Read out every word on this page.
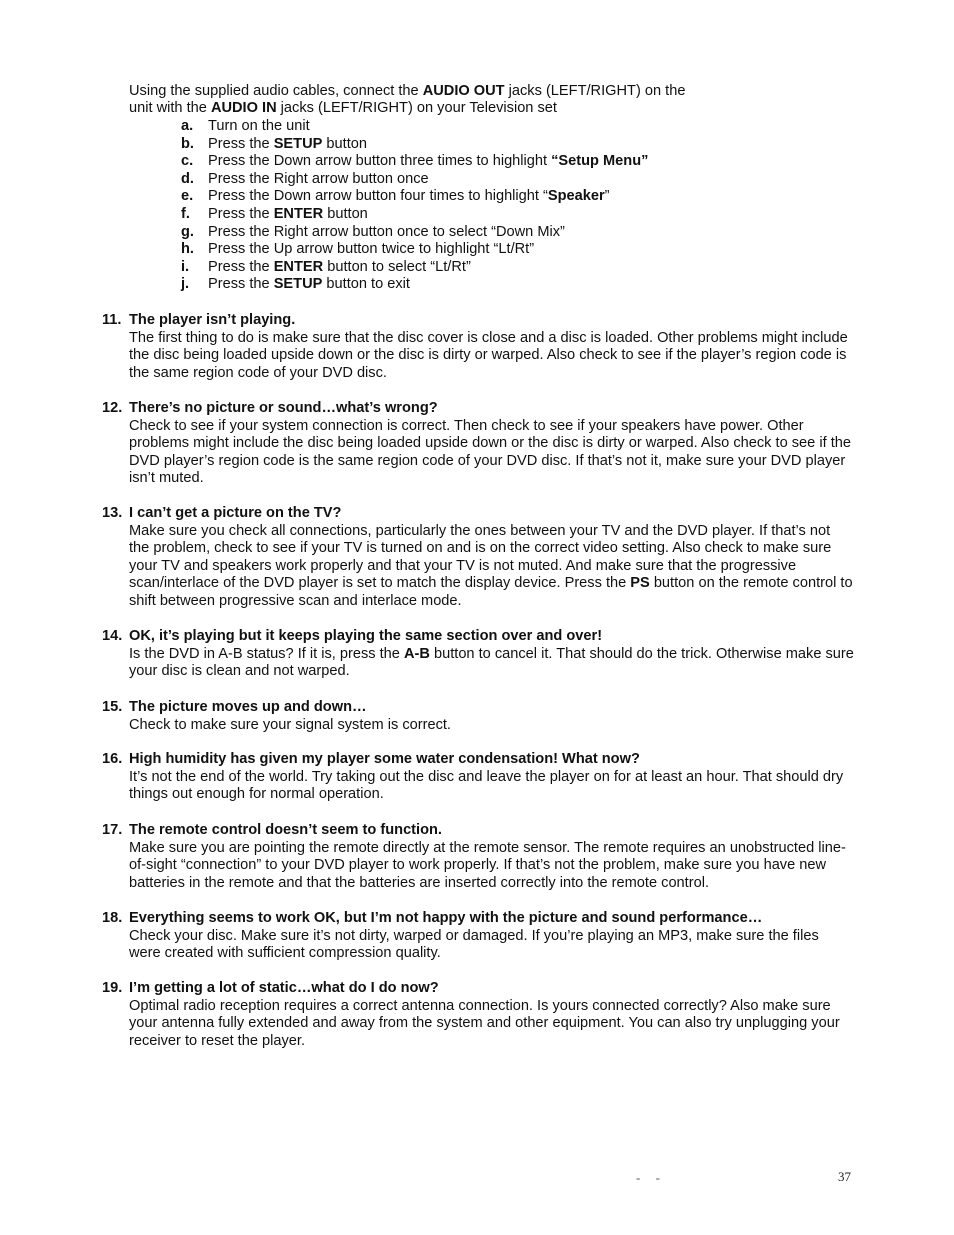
Using the supplied audio cables, connect the AUDIO OUT jacks (LEFT/RIGHT) on the

unit with the AUDIO IN jacks (LEFT/RIGHT) on your Television set

a.	Turn on the unit
b. Press the SETUP button
c.	Press the Down arrow button three times to highlight “Setup Menu”
d. Press the Right arrow button once
e.	Press the Down arrow button four times to highlight “Speaker”
f.	Press the ENTER button
g. Press the Right arrow button once to select “Down Mix”
h. Press the Up arrow button twice to highlight “Lt/Rt”
i.	Press the ENTER button to select “Lt/Rt”
j.	Press the SETUP button to exit
11. The player isn’t playing.
The first thing to do is make sure that the disc cover is close and a disc is loaded. Other problems might include the disc being loaded upside down or the disc is dirty or warped. Also check to see if the player’s region code is the same region code of your DVD disc.
12. There’s no picture or sound…what’s wrong?
Check to see if your system connection is correct. Then check to see if your speakers have power. Other problems might include the disc being loaded upside down or the disc is dirty or warped. Also check to see if the DVD player’s region code is the same region code of your DVD disc. If that’s not it, make sure your DVD player isn’t muted.
13. I can’t get a picture on the TV?
Make sure you check all connections, particularly the ones between your TV and the DVD player. If that’s not the problem, check to see if your TV is turned on and is on the correct video setting. Also check to make sure your TV and speakers work properly and that your TV is not muted. And make sure that the progressive scan/interlace of the DVD player is set to match the display device. Press the PS button on the remote control to shift between progressive scan and interlace mode.
14. OK, it’s playing but it keeps playing the same section over and over!
Is the DVD in A-B status? If it is, press the A-B button to cancel it. That should do the trick. Otherwise make sure your disc is clean and not warped.
15. The picture moves up and down…
Check to make sure your signal system is correct.
16. High humidity has given my player some water condensation! What now?
It’s not the end of the world. Try taking out the disc and leave the player on for at least an hour. That should dry things out enough for normal operation.
17. The remote control doesn’t seem to function.
Make sure you are pointing the remote directly at the remote sensor. The remote requires an unobstructed line-of-sight “connection” to your DVD player to work properly. If that’s not the problem, make sure you have new batteries in the remote and that the batteries are inserted correctly into the remote control.
18. Everything seems to work OK, but I’m not happy with the picture and sound performance…
Check your disc. Make sure it’s not dirty, warped or damaged. If you’re playing an MP3, make sure the files were created with sufficient compression quality.
19. I’m getting a lot of static…what do I do now?
Optimal radio reception requires a correct antenna connection. Is yours connected correctly? Also make sure your antenna fully extended and away from the system and other equipment. You can also try unplugging your receiver to reset the player.
- -	37
